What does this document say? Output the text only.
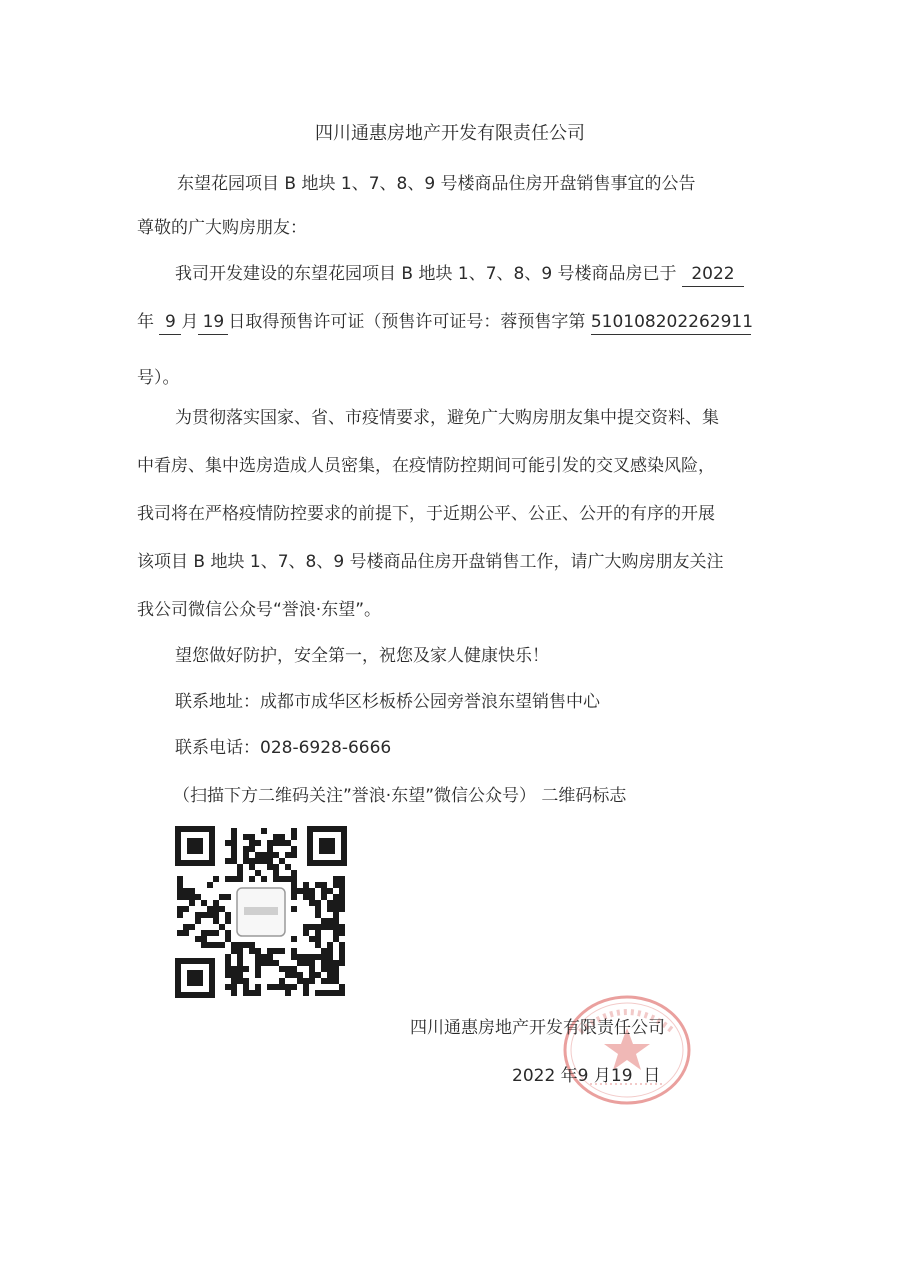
四川通惠房地产开发有限责任公司
东望花园项目 B 地块 1、7、8、9 号楼商品住房开盘销售事宜的公告
尊敬的广大购房朋友：
我司开发建设的东望花园项目 B 地块 1、7、8、9 号楼商品房已于 2022
年 9 月 19 日取得预售许可证（预售许可证号：蓉预售字第 510108202262911
号）。
为贯彻落实国家、省、市疫情要求，避免广大购房朋友集中提交资料、集
中看房、集中选房造成人员密集，在疫情防控期间可能引发的交叉感染风险，
我司将在严格疫情防控要求的前提下，于近期公平、公正、公开的有序的开展
该项目 B 地块 1、7、8、9 号楼商品住房开盘销售工作，请广大购房朋友关注
我公司微信公众号“誉浪·东望”。
望您做好防护，安全第一，祝您及家人健康快乐！
联系地址：成都市成华区杉板桥公园旁誉浪东望销售中心
联系电话：028-6928-6666
（扫描下方二维码关注”誉浪·东望”微信公众号） 二维码标志
四川通惠房地产开发有限责任公司
2022 年9 月19 日
